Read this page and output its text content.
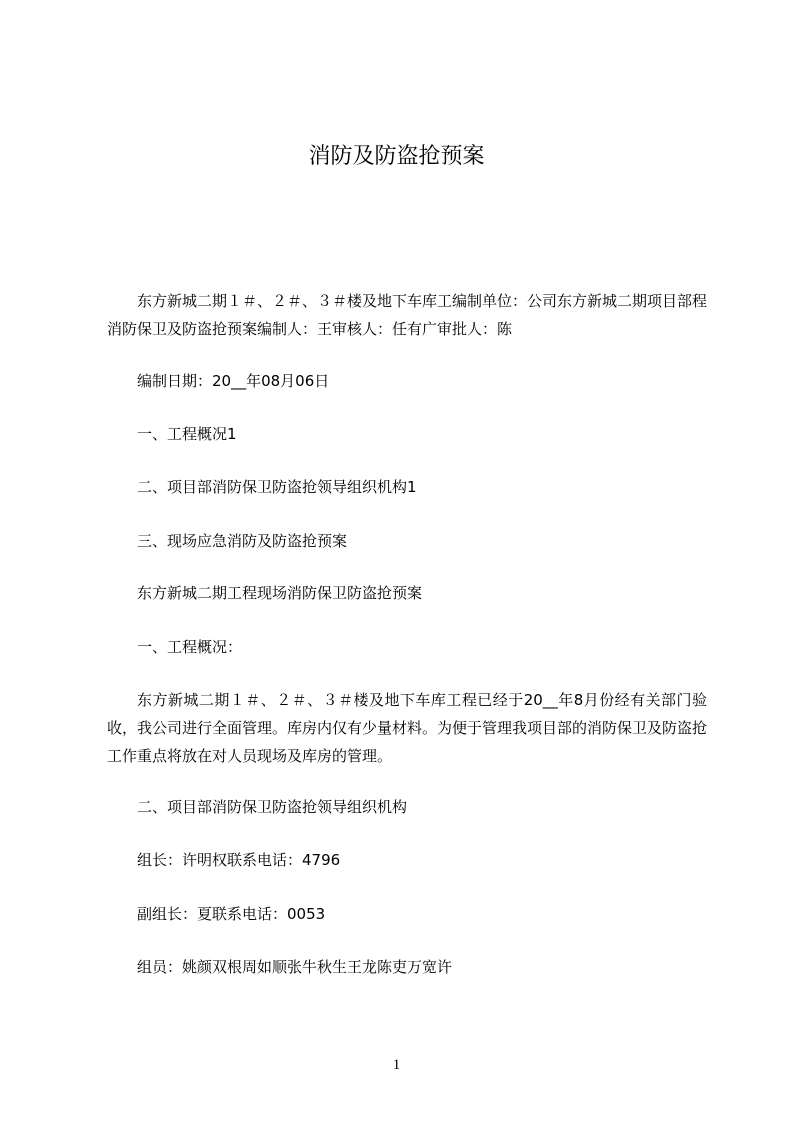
消防及防盗抢预案

东方新城二期１＃、２＃、３＃楼及地下车库工编制单位：公司东方新城二期项目部程消防保卫及防盗抢预案编制人：王审核人：任有广审批人：陈

编制日期：20__年08月06日

一、工程概况1

二、项目部消防保卫防盗抢领导组织机构1

三、现场应急消防及防盗抢预案

东方新城二期工程现场消防保卫防盗抢预案

一、工程概况：

东方新城二期１＃、２＃、３＃楼及地下车库工程已经于20__年8月份经有关部门验收，我公司进行全面管理。库房内仅有少量材料。为便于管理我项目部的消防保卫及防盗抢工作重点将放在对人员现场及库房的管理。

二、项目部消防保卫防盗抢领导组织机构

组长：许明权联系电话：4796

副组长：夏联系电话：0053

组员：姚颜双根周如顺张牛秋生王龙陈吏万宽许

1
